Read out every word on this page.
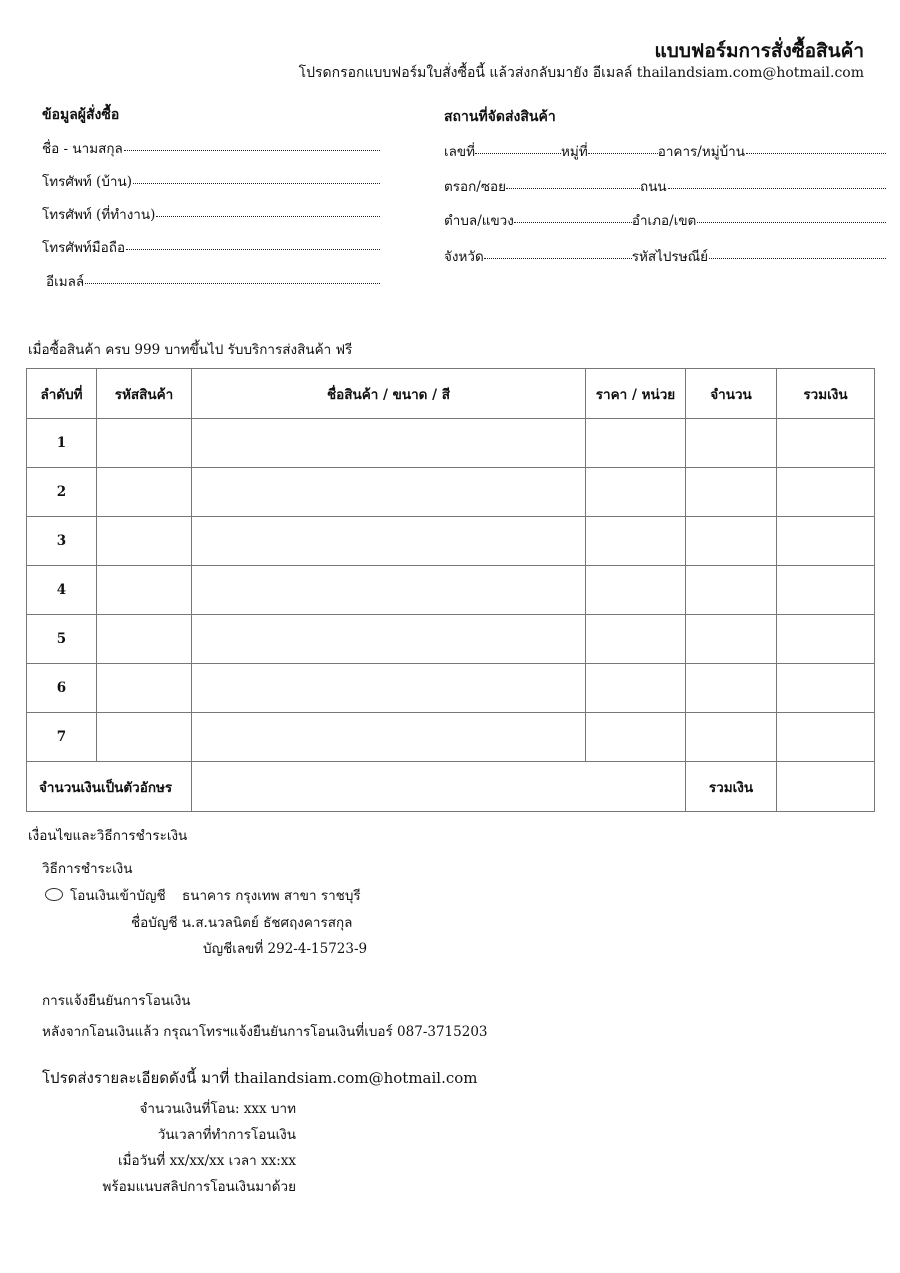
แบบฟอร์มการสั่งซื้อสินค้า
โปรดกรอกแบบฟอร์มใบสั่งซื้อนี้ แล้วส่งกลับมายัง อีเมลล์ thailandsiam.com@hotmail.com
ข้อมูลผู้สั่งซื้อ
ชื่อ - นามสกุล
โทรศัพท์ (บ้าน)
โทรศัพท์ (ที่ทำงาน)
โทรศัพท์มือถือ
อีเมลล์
สถานที่จัดส่งสินค้า
เลขที่	หมู่ที่	อาคาร/หมู่บ้าน
ตรอก/ซอย	ถนน
ตำบล/แขวง	อำเภอ/เขต
จังหวัด	รหัสไปรษณีย์
เมื่อซื้อสินค้า ครบ 999 บาทขึ้นไป รับบริการส่งสินค้า ฟรี
ลำดับที่	รหัสสินค้า	ชื่อสินค้า / ขนาด / สี	ราคา / หน่วย	จำนวน	รวมเงิน
1					
2					
3					
4					
5					
6					
7					
จำนวนเงินเป็นตัวอักษร				รวมเงิน	
เงื่อนไขและวิธีการชำระเงิน
วิธีการชำระเงิน
โอนเงินเข้าบัญชี ธนาคาร กรุงเทพ สาขา ราชบุรี
ชื่อบัญชี น.ส.นวลนิตย์ ธัชศฤงคารสกุล
บัญชีเลขที่ 292-4-15723-9
การแจ้งยืนยันการโอนเงิน
หลังจากโอนเงินแล้ว กรุณาโทรฯแจ้งยืนยันการโอนเงินที่เบอร์ 087-3715203
โปรดส่งรายละเอียดดังนี้ มาที่ thailandsiam.com@hotmail.com
จำนวนเงินที่โอน: xxx บาท
วันเวลาที่ทำการโอนเงิน
เมื่อวันที่ xx/xx/xx เวลา xx:xx
พร้อมแนบสลิปการโอนเงินมาด้วย
